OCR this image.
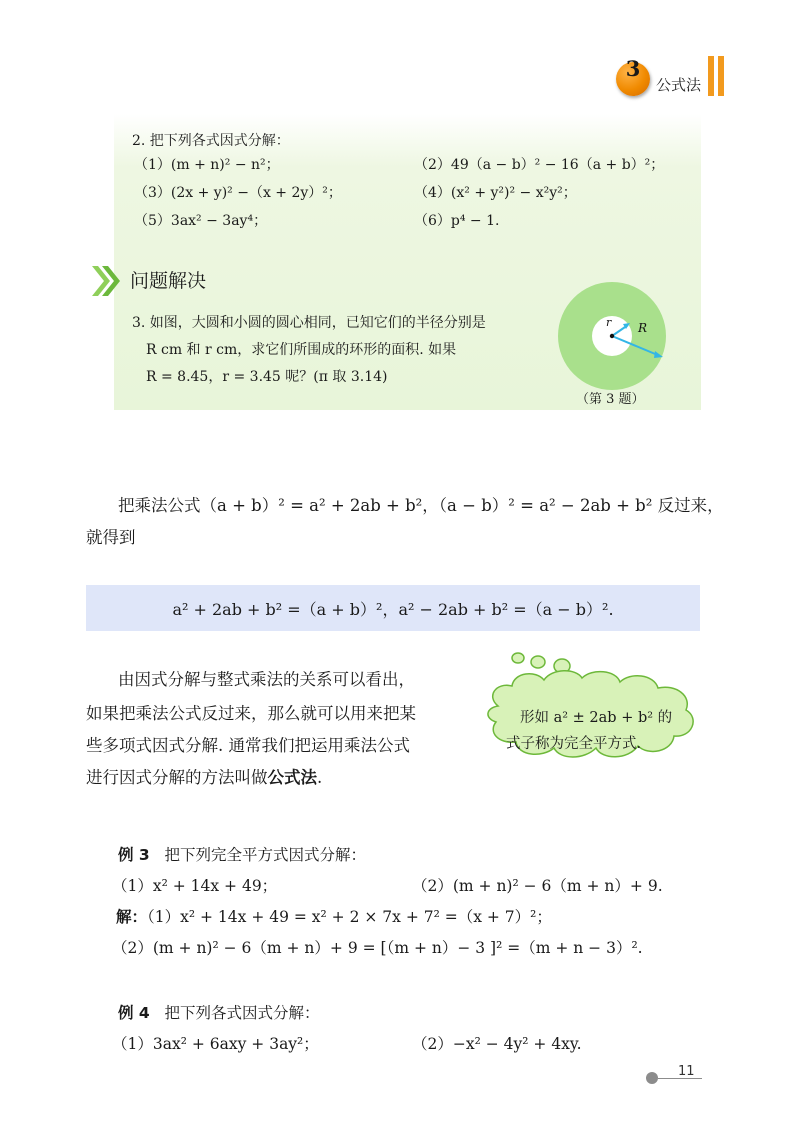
3
公式法
2. 把下列各式因式分解：
（1）(m + n)² − n²；	（2）49（a − b）² − 16（a + b）²；
（3）(2x + y)² −（x + 2y）²；	（4）(x² + y²)² − x²y²；
（5）3ax² − 3ay⁴；	（6）p⁴ − 1.
问题解决
3. 如图，大圆和小圆的圆心相同，已知它们的半径分别是
R cm 和 r cm，求它们所围成的环形的面积. 如果
R = 8.45，r = 3.45 呢？(π 取 3.14)
r R
（第 3 题）
把乘法公式（a + b）² = a² + 2ab + b²，（a − b）² = a² − 2ab + b² 反过来，
就得到
a² + 2ab + b² =（a + b）²，a² − 2ab + b² =（a − b）².
由因式分解与整式乘法的关系可以看出，
如果把乘法公式反过来，那么就可以用来把某
些多项式因式分解. 通常我们把运用乘法公式
进行因式分解的方法叫做公式法.
形如 a² ± 2ab + b² 的
式子称为完全平方式.
例 3 把下列完全平方式因式分解：
（1）x² + 14x + 49；	（2）(m + n)² − 6（m + n）+ 9.
解：（1）x² + 14x + 49 = x² + 2 × 7x + 7² =（x + 7）²；
（2）(m + n)² − 6（m + n）+ 9 = [（m + n）− 3 ]² =（m + n − 3）².
例 4 把下列各式因式分解：
（1）3ax² + 6axy + 3ay²；	（2）−x² − 4y² + 4xy.
11
